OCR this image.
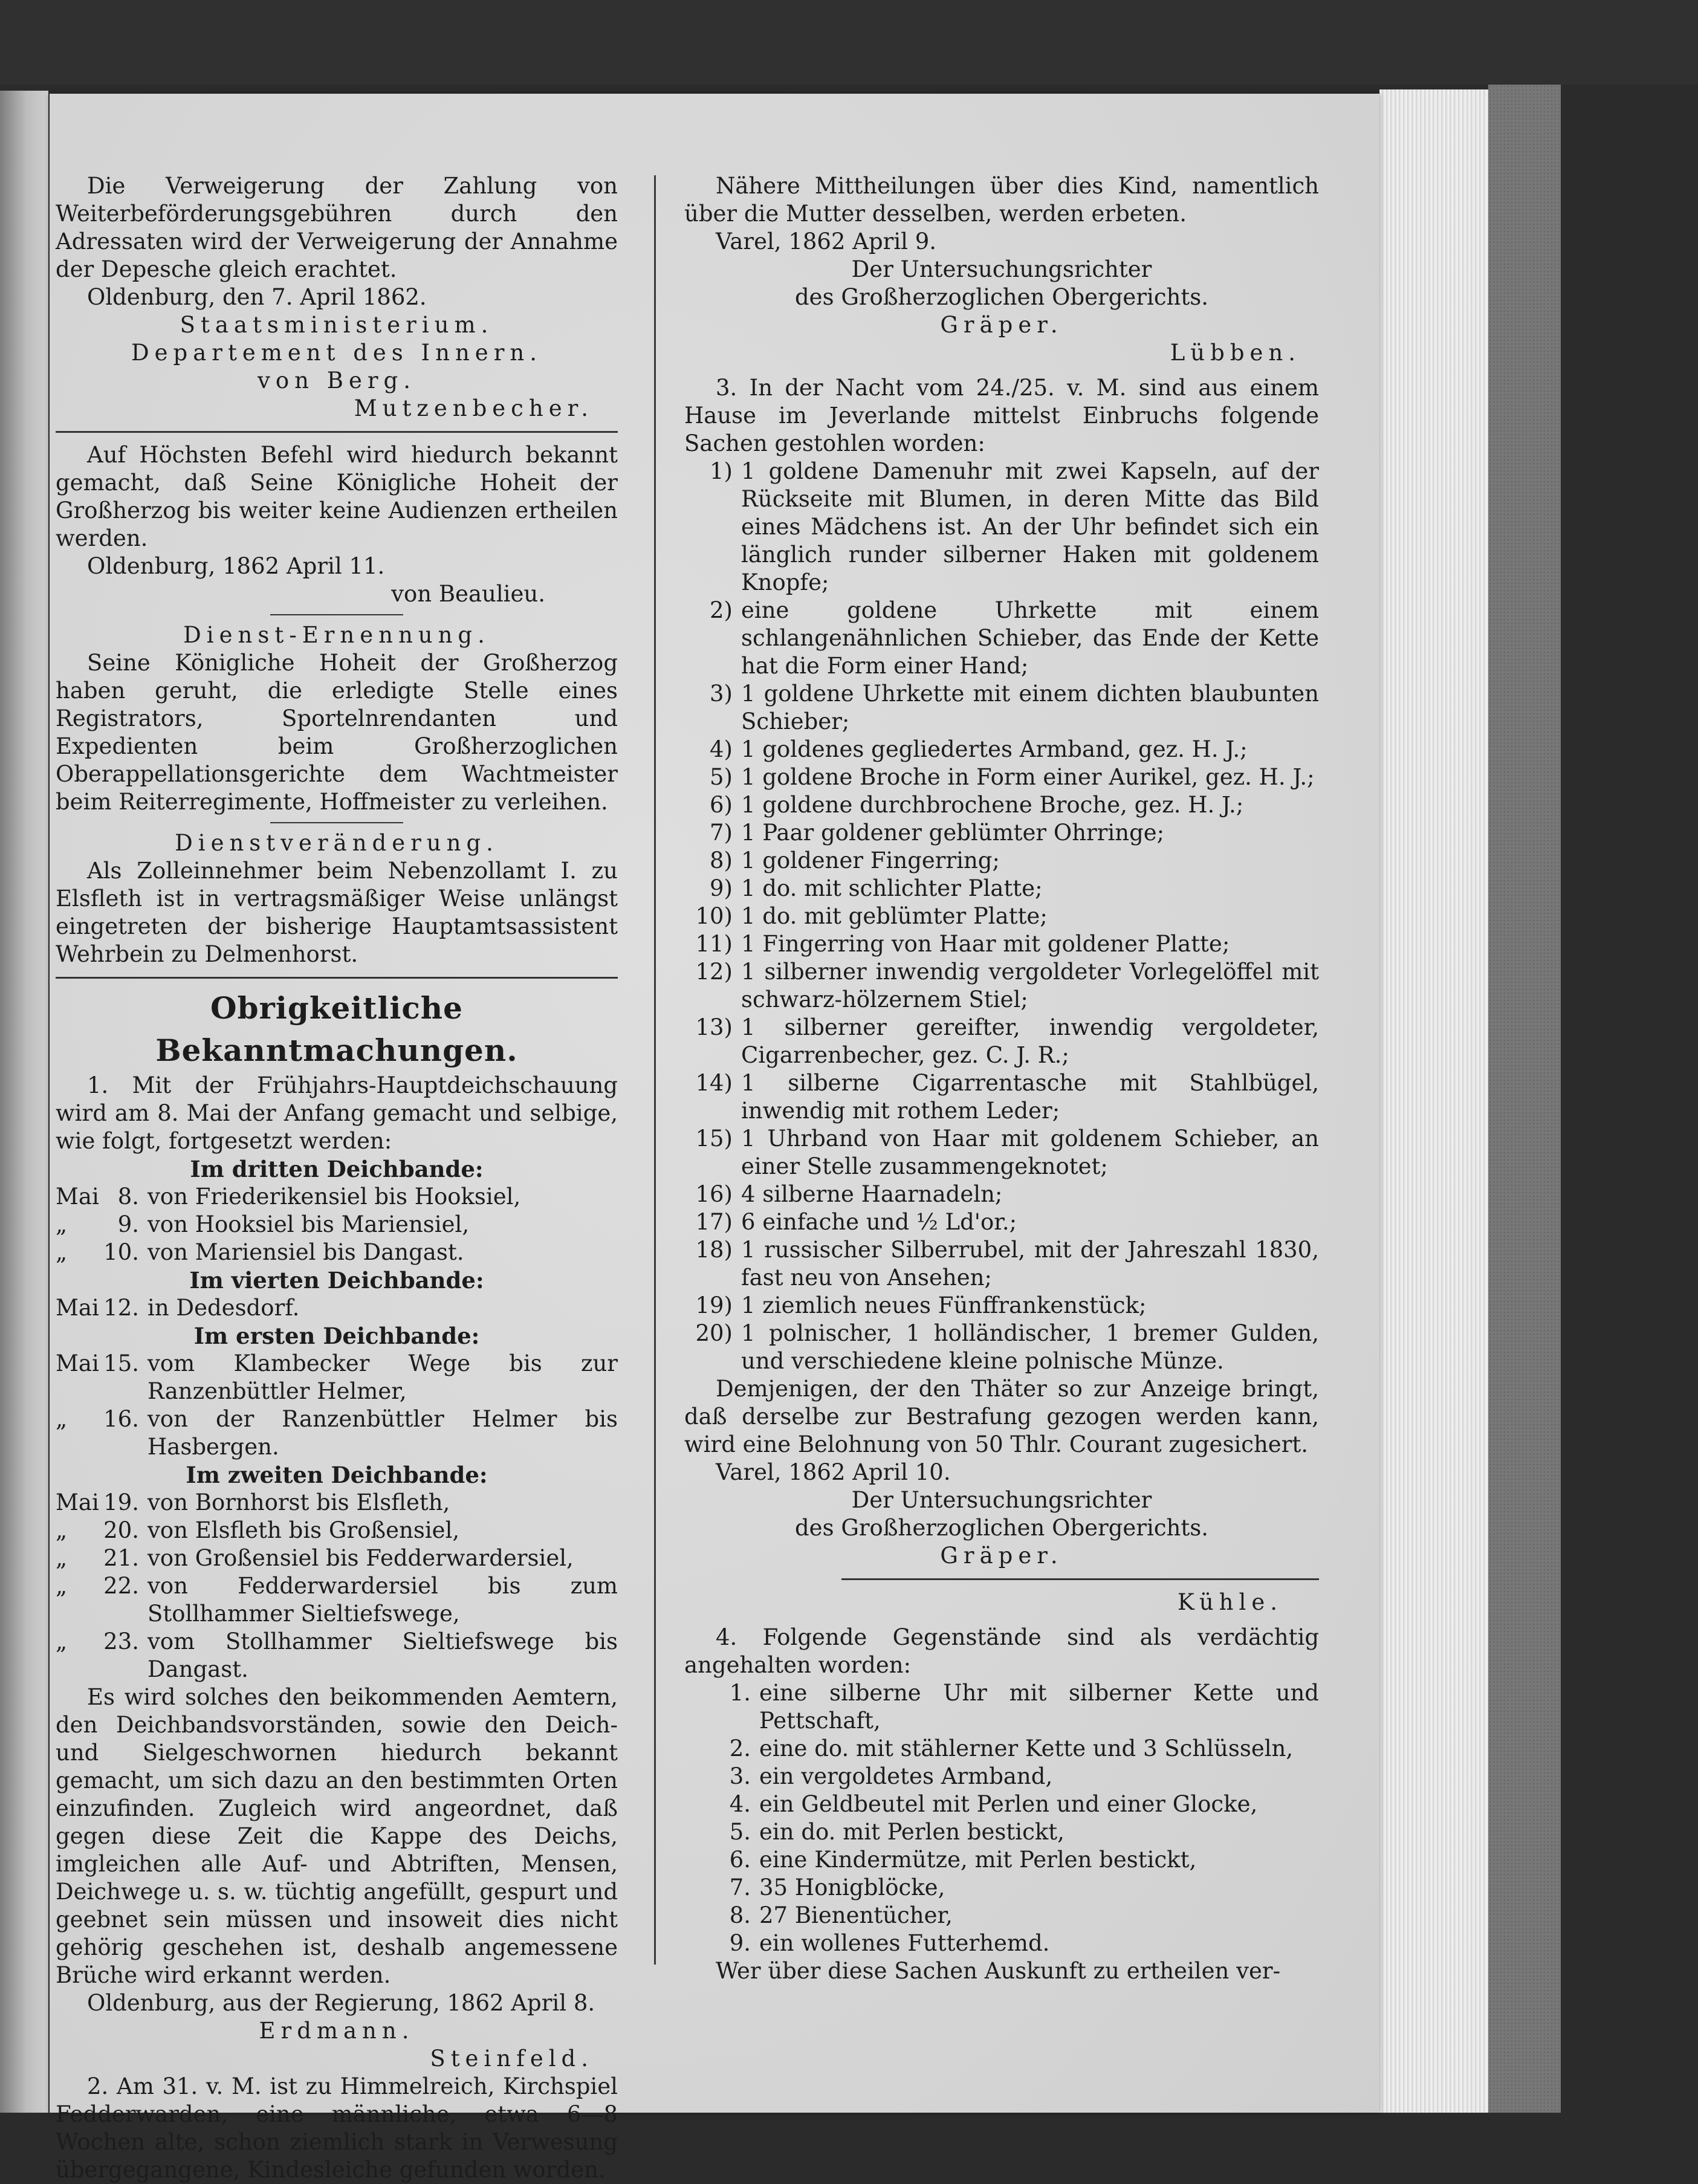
Die Verweigerung der Zahlung von Weiterbeförderungsgebühren durch den Adressaten wird der Verweigerung der Annahme der Depesche gleich erachtet.

Oldenburg, den 7. April 1862.

Staatsministerium.

Departement des Innern.

von Berg.

Mutzenbecher.

Auf Höchsten Befehl wird hiedurch bekannt gemacht, daß Seine Königliche Hoheit der Großherzog bis weiter keine Audienzen ertheilen werden.

Oldenburg, 1862 April 11.

von Beaulieu.

Dienst-Ernennung.

Seine Königliche Hoheit der Großherzog haben geruht, die erledigte Stelle eines Registrators, Sportelnrendanten und Expedienten beim Großherzoglichen Oberappellationsgerichte dem Wachtmeister beim Reiterregimente, Hoffmeister zu verleihen.

Dienstveränderung.

Als Zolleinnehmer beim Nebenzollamt I. zu Elsfleth ist in vertragsmäßiger Weise unlängst eingetreten der bisherige Hauptamtsassistent Wehrbein zu Delmenhorst.

Obrigkeitliche Bekanntmachungen.

1. Mit der Frühjahrs-Hauptdeichschauung wird am 8. Mai der Anfang gemacht und selbige, wie folgt, fortgesetzt werden:

Im dritten Deichbande:

Mai 8. von Friederikensiel bis Hooksiel,
„	9. von Hooksiel bis Mariensiel,
„	10. von Mariensiel bis Dangast.

Im vierten Deichbande:

Mai 12. in Dedesdorf.

Im ersten Deichbande:

Mai 15. vom Klambecker Wege bis zur Ranzenbüttler Helmer,
„	16. von der Ranzenbüttler Helmer bis Hasbergen.

Im zweiten Deichbande:

Mai 19. von Bornhorst bis Elsfleth,
„	20. von Elsfleth bis Großensiel,
„	21. von Großensiel bis Fedderwardersiel,
„	22. von Fedderwardersiel bis zum Stollhammer Sieltiefswege,
„	23. vom Stollhammer Sieltiefswege bis Dangast.

Es wird solches den beikommenden Aemtern, den Deichbandsvorständen, sowie den Deich- und Sielgeschwornen hiedurch bekannt gemacht, um sich dazu an den bestimmten Orten einzufinden. Zugleich wird angeordnet, daß gegen diese Zeit die Kappe des Deichs, imgleichen alle Auf- und Abtriften, Mensen, Deichwege u. s. w. tüchtig angefüllt, gespurt und geebnet sein müssen und insoweit dies nicht gehörig geschehen ist, deshalb angemessene Brüche wird erkannt werden.

Oldenburg, aus der Regierung, 1862 April 8.

Erdmann.

Steinfeld.

2. Am 31. v. M. ist zu Himmelreich, Kirchspiel Fedderwarden, eine männliche, etwa 6—8 Wochen alte, schon ziemlich stark in Verwesung übergegangene, Kindesleiche gefunden worden.

Nähere Mittheilungen über dies Kind, namentlich über die Mutter desselben, werden erbeten.

Varel, 1862 April 9.

Der Untersuchungsrichter

des Großherzoglichen Obergerichts.

Gräper.

Lübben.

3. In der Nacht vom 24./25. v. M. sind aus einem Hause im Jeverlande mittelst Einbruchs folgende Sachen gestohlen worden:

1) 1 goldene Damenuhr mit zwei Kapseln, auf der Rückseite mit Blumen, in deren Mitte das Bild eines Mädchens ist. An der Uhr befindet sich ein länglich runder silberner Haken mit goldenem Knopfe;
2) eine goldene Uhrkette mit einem schlangenähnlichen Schieber, das Ende der Kette hat die Form einer Hand;
3) 1 goldene Uhrkette mit einem dichten blaubunten Schieber;
4) 1 goldenes gegliedertes Armband, gez. H. J.;
5) 1 goldene Broche in Form einer Aurikel, gez. H. J.;
6) 1 goldene durchbrochene Broche, gez. H. J.;
7) 1 Paar goldener geblümter Ohrringe;
8) 1 goldener Fingerring;
9) 1 do. mit schlichter Platte;
10) 1 do. mit geblümter Platte;
11) 1 Fingerring von Haar mit goldener Platte;
12) 1 silberner inwendig vergoldeter Vorlegelöffel mit schwarz-hölzernem Stiel;
13) 1 silberner gereifter, inwendig vergoldeter, Cigarrenbecher, gez. C. J. R.;
14) 1 silberne Cigarrentasche mit Stahlbügel, inwendig mit rothem Leder;
15) 1 Uhrband von Haar mit goldenem Schieber, an einer Stelle zusammengeknotet;
16) 4 silberne Haarnadeln;
17) 6 einfache und ½ Ld'or.;
18) 1 russischer Silberrubel, mit der Jahreszahl 1830, fast neu von Ansehen;
19) 1 ziemlich neues Fünffrankenstück;
20) 1 polnischer, 1 holländischer, 1 bremer Gulden, und verschiedene kleine polnische Münze.

Demjenigen, der den Thäter so zur Anzeige bringt, daß derselbe zur Bestrafung gezogen werden kann, wird eine Belohnung von 50 Thlr. Courant zugesichert.

Varel, 1862 April 10.

Der Untersuchungsrichter

des Großherzoglichen Obergerichts.

Gräper.

Kühle.

4. Folgende Gegenstände sind als verdächtig angehalten worden:

1. eine silberne Uhr mit silberner Kette und Pettschaft,
2. eine do. mit stählerner Kette und 3 Schlüsseln,
3. ein vergoldetes Armband,
4. ein Geldbeutel mit Perlen und einer Glocke,
5. ein do. mit Perlen bestickt,
6. eine Kindermütze, mit Perlen bestickt,
7. 35 Honigblöcke,
8. 27 Bienentücher,
9. ein wollenes Futterhemd.

Wer über diese Sachen Auskunft zu ertheilen ver-
